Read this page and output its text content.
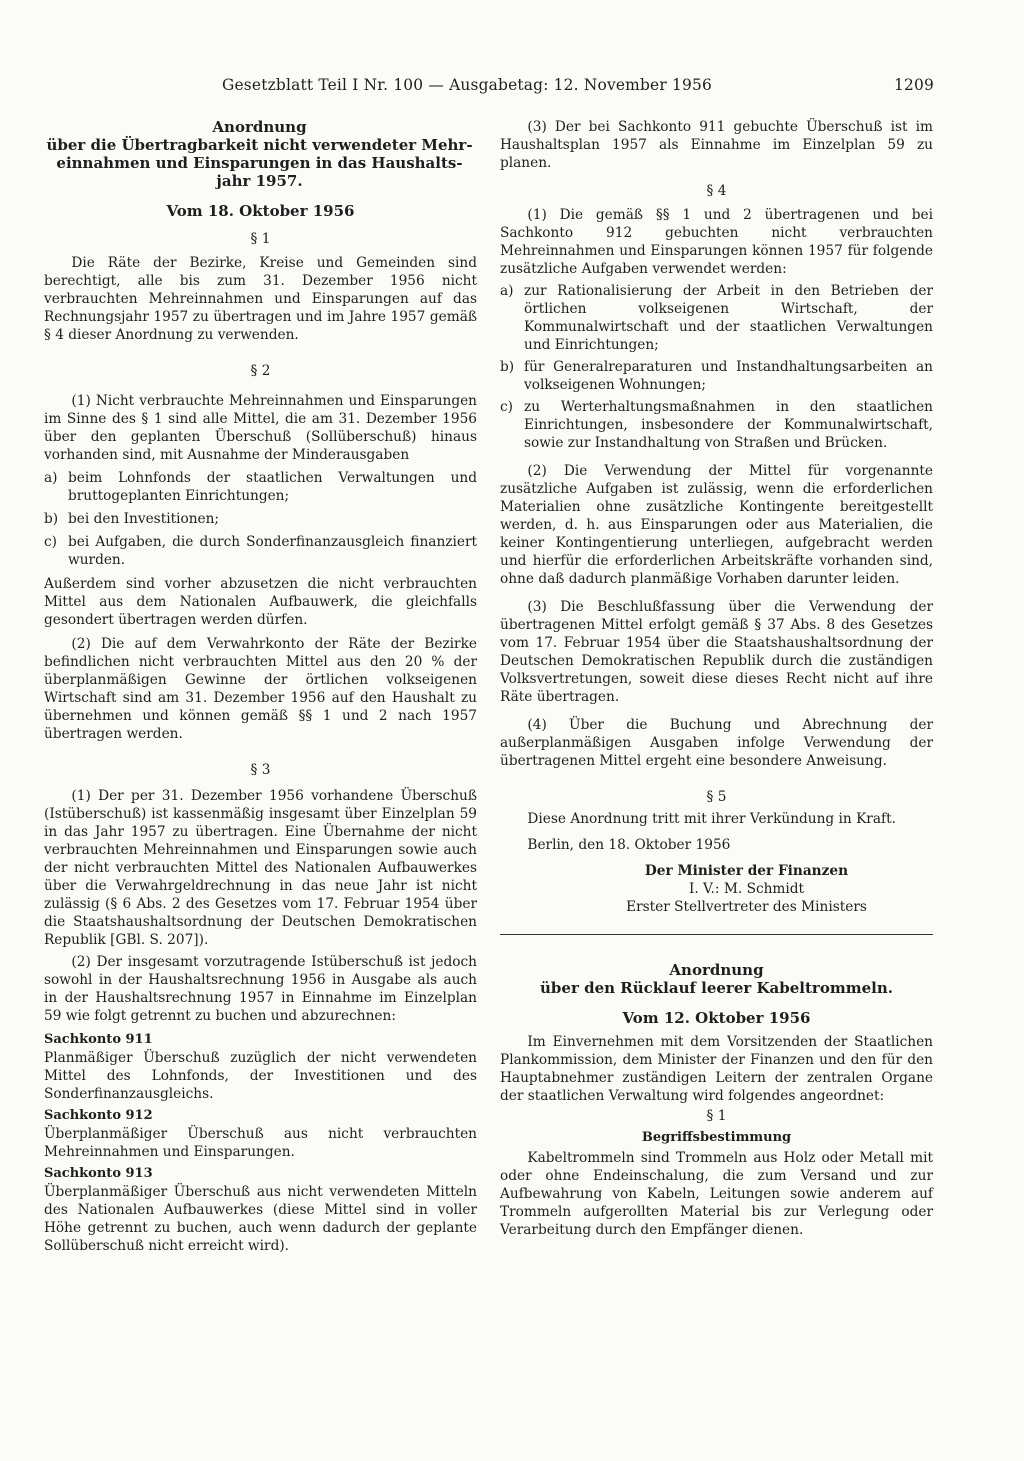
Gesetzblatt Teil I Nr. 100 — Ausgabetag: 12. November 1956	1209

Anordnung

über die Übertragbarkeit nicht verwendeter Mehr-

einnahmen und Einsparungen in das Haushalts-

jahr 1957.

Vom 18. Oktober 1956

§ 1

Die Räte der Bezirke, Kreise und Gemeinden sind berechtigt, alle bis zum 31. Dezember 1956 nicht verbrauchten Mehreinnahmen und Einsparungen auf das Rechnungsjahr 1957 zu übertragen und im Jahre 1957 gemäß § 4 dieser Anordnung zu verwenden.

§ 2

(1) Nicht verbrauchte Mehreinnahmen und Einsparungen im Sinne des § 1 sind alle Mittel, die am 31. Dezember 1956 über den geplanten Überschuß (Sollüberschuß) hinaus vorhanden sind, mit Ausnahme der Minderausgaben

a) beim Lohnfonds der staatlichen Verwaltungen und bruttogeplanten Einrichtungen;
b) bei den Investitionen;
c) bei Aufgaben, die durch Sonderfinanzausgleich finanziert wurden.

Außerdem sind vorher abzusetzen die nicht verbrauchten Mittel aus dem Nationalen Aufbauwerk, die gleichfalls gesondert übertragen werden dürfen.

(2) Die auf dem Verwahrkonto der Räte der Bezirke befindlichen nicht verbrauchten Mittel aus den 20 % der überplanmäßigen Gewinne der örtlichen volkseigenen Wirtschaft sind am 31. Dezember 1956 auf den Haushalt zu übernehmen und können gemäß §§ 1 und 2 nach 1957 übertragen werden.

§ 3

(1) Der per 31. Dezember 1956 vorhandene Überschuß (Istüberschuß) ist kassenmäßig insgesamt über Einzelplan 59 in das Jahr 1957 zu übertragen. Eine Übernahme der nicht verbrauchten Mehreinnahmen und Einsparungen sowie auch der nicht verbrauchten Mittel des Nationalen Aufbauwerkes über die Verwahrgeldrechnung in das neue Jahr ist nicht zulässig (§ 6 Abs. 2 des Gesetzes vom 17. Februar 1954 über die Staatshaushaltsordnung der Deutschen Demokratischen Republik [GBl. S. 207]).

(2) Der insgesamt vorzutragende Istüberschuß ist jedoch sowohl in der Haushaltsrechnung 1956 in Ausgabe als auch in der Haushaltsrechnung 1957 in Einnahme im Einzelplan 59 wie folgt getrennt zu buchen und abzurechnen:

Sachkonto 911

Planmäßiger Überschuß zuzüglich der nicht verwendeten Mittel des Lohnfonds, der Investitionen und des Sonderfinanzausgleichs.

Sachkonto 912

Überplanmäßiger Überschuß aus nicht verbrauchten Mehreinnahmen und Einsparungen.

Sachkonto 913

Überplanmäßiger Überschuß aus nicht verwendeten Mitteln des Nationalen Aufbauwerkes (diese Mittel sind in voller Höhe getrennt zu buchen, auch wenn dadurch der geplante Sollüberschuß nicht erreicht wird).

(3) Der bei Sachkonto 911 gebuchte Überschuß ist im Haushaltsplan 1957 als Einnahme im Einzelplan 59 zu planen.

§ 4

(1) Die gemäß §§ 1 und 2 übertragenen und bei Sachkonto 912 gebuchten nicht verbrauchten Mehreinnahmen und Einsparungen können 1957 für folgende zusätzliche Aufgaben verwendet werden:

a) zur Rationalisierung der Arbeit in den Betrieben der örtlichen volkseigenen Wirtschaft, der Kommunalwirtschaft und der staatlichen Verwaltungen und Einrichtungen;
b) für Generalreparaturen und Instandhaltungsarbeiten an volkseigenen Wohnungen;
c) zu Werterhaltungsmaßnahmen in den staatlichen Einrichtungen, insbesondere der Kommunalwirtschaft, sowie zur Instandhaltung von Straßen und Brücken.

(2) Die Verwendung der Mittel für vorgenannte zusätzliche Aufgaben ist zulässig, wenn die erforderlichen Materialien ohne zusätzliche Kontingente bereitgestellt werden, d. h. aus Einsparungen oder aus Materialien, die keiner Kontingentierung unterliegen, aufgebracht werden und hierfür die erforderlichen Arbeitskräfte vorhanden sind, ohne daß dadurch planmäßige Vorhaben darunter leiden.

(3) Die Beschlußfassung über die Verwendung der übertragenen Mittel erfolgt gemäß § 37 Abs. 8 des Gesetzes vom 17. Februar 1954 über die Staatshaushaltsordnung der Deutschen Demokratischen Republik durch die zuständigen Volksvertretungen, soweit diese dieses Recht nicht auf ihre Räte übertragen.

(4) Über die Buchung und Abrechnung der außerplanmäßigen Ausgaben infolge Verwendung der übertragenen Mittel ergeht eine besondere Anweisung.

§ 5

Diese Anordnung tritt mit ihrer Verkündung in Kraft.

Berlin, den 18. Oktober 1956

Der Minister der Finanzen

I. V.: M. Schmidt

Erster Stellvertreter des Ministers

Anordnung

über den Rücklauf leerer Kabeltrommeln.

Vom 12. Oktober 1956

Im Einvernehmen mit dem Vorsitzenden der Staatlichen Plankommission, dem Minister der Finanzen und den für den Hauptabnehmer zuständigen Leitern der zentralen Organe der staatlichen Verwaltung wird folgendes angeordnet:

§ 1

Begriffsbestimmung

Kabeltrommeln sind Trommeln aus Holz oder Metall mit oder ohne Endeinschalung, die zum Versand und zur Aufbewahrung von Kabeln, Leitungen sowie anderem auf Trommeln aufgerollten Material bis zur Verlegung oder Verarbeitung durch den Empfänger dienen.
